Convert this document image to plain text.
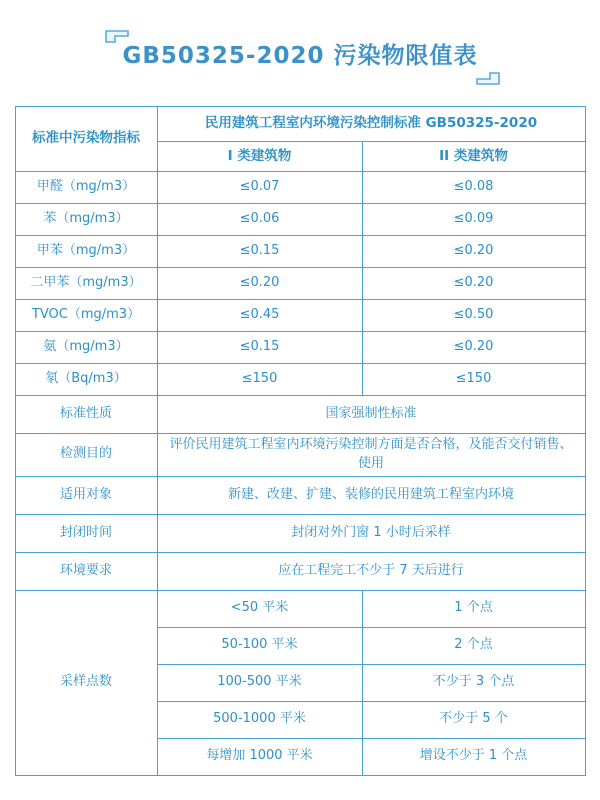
GB50325-2020 污染物限值表
标准中污染物指标	民用建筑工程室内环境污染控制标准 GB50325-2020	
	I 类建筑物	II 类建筑物
甲醛（mg/m3）	≤0.07	≤0.08
苯（mg/m3）	≤0.06	≤0.09
甲苯（mg/m3）	≤0.15	≤0.20
二甲苯（mg/m3）	≤0.20	≤0.20
TVOC（mg/m3）	≤0.45	≤0.50
氨（mg/m3）	≤0.15	≤0.20
氡（Bq/m3）	≤150	≤150
标准性质	国家强制性标准	
检测目的	评价民用建筑工程室内环境污染控制方面是否合格，及能否交付销售、使用	
适用对象	新建、改建、扩建、装修的民用建筑工程室内环境	
封闭时间	封闭对外门窗 1 小时后采样	
环境要求	应在工程完工不少于 7 天后进行	
采样点数	<50 平米	1 个点
	50-100 平米	2 个点
	100-500 平米	不少于 3 个点
	500-1000 平米	不少于 5 个
	每增加 1000 平米	增设不少于 1 个点
